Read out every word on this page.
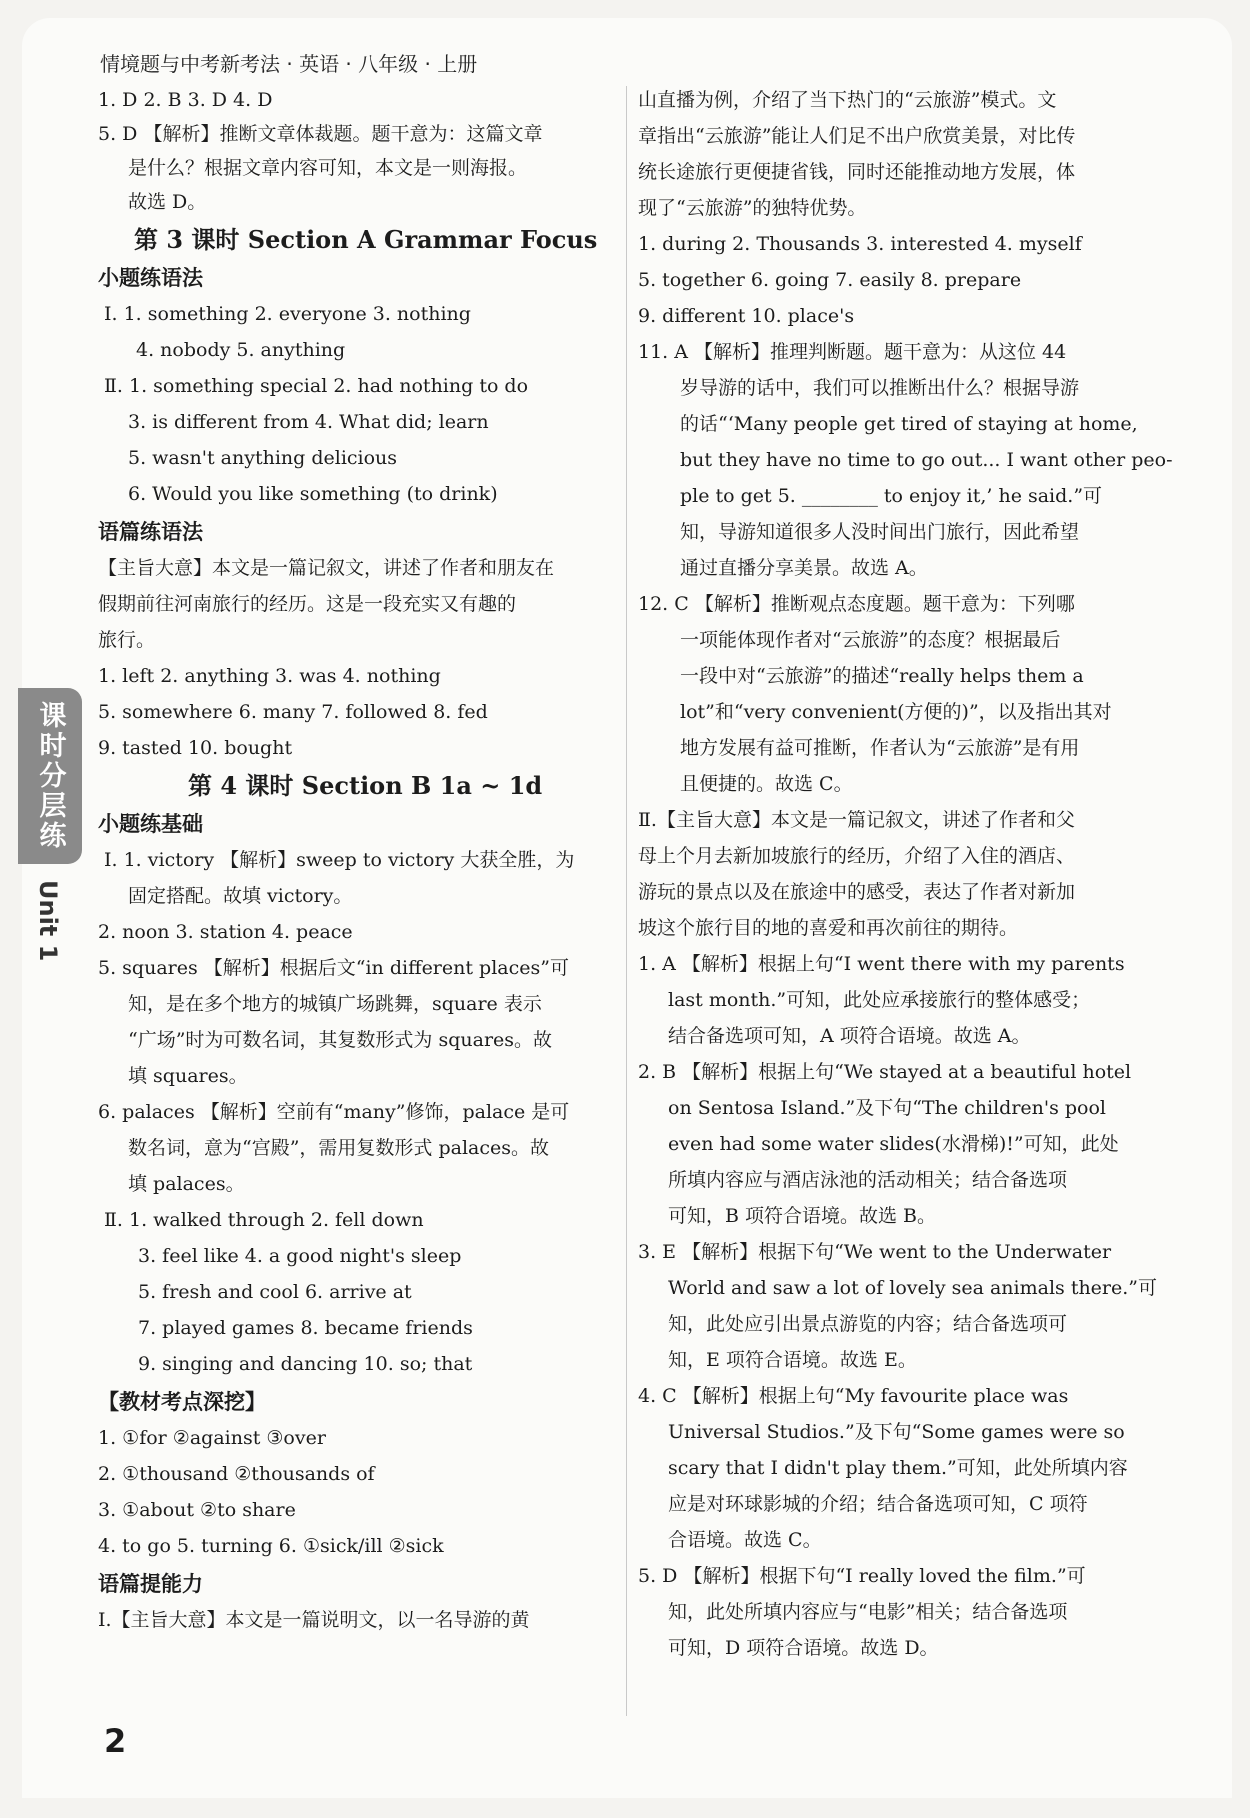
情境题与中考新考法 · 英语 · 八年级 · 上册
课时分层练
Unit 1
1. D 2. B 3. D 4. D
5. D 【解析】推断文章体裁题。题干意为：这篇文章
是什么？根据文章内容可知，本文是一则海报。
故选 D。
第 3 课时 Section A Grammar Focus
小题练语法
Ⅰ. 1. something 2. everyone 3. nothing
4. nobody 5. anything
Ⅱ. 1. something special 2. had nothing to do
3. is different from 4. What did; learn
5. wasn't anything delicious
6. Would you like something (to drink)
语篇练语法
【主旨大意】本文是一篇记叙文，讲述了作者和朋友在
假期前往河南旅行的经历。这是一段充实又有趣的
旅行。
1. left 2. anything 3. was 4. nothing
5. somewhere 6. many 7. followed 8. fed
9. tasted 10. bought
第 4 课时 Section B 1a ~ 1d
小题练基础
Ⅰ. 1. victory 【解析】sweep to victory 大获全胜，为
固定搭配。故填 victory。
2. noon 3. station 4. peace
5. squares 【解析】根据后文“in different places”可
知，是在多个地方的城镇广场跳舞，square 表示
“广场”时为可数名词，其复数形式为 squares。故
填 squares。
6. palaces 【解析】空前有“many”修饰，palace 是可
数名词，意为“宫殿”，需用复数形式 palaces。故
填 palaces。
Ⅱ. 1. walked through 2. fell down
3. feel like 4. a good night's sleep
5. fresh and cool 6. arrive at
7. played games 8. became friends
9. singing and dancing 10. so; that
【教材考点深挖】
1. ①for ②against ③over
2. ①thousand ②thousands of
3. ①about ②to share
4. to go 5. turning 6. ①sick/ill ②sick
语篇提能力
Ⅰ.【主旨大意】本文是一篇说明文，以一名导游的黄
山直播为例，介绍了当下热门的“云旅游”模式。文
章指出“云旅游”能让人们足不出户欣赏美景，对比传
统长途旅行更便捷省钱，同时还能推动地方发展，体
现了“云旅游”的独特优势。
1. during 2. Thousands 3. interested 4. myself
5. together 6. going 7. easily 8. prepare
9. different 10. place's
11. A 【解析】推理判断题。题干意为：从这位 44
岁导游的话中，我们可以推断出什么？根据导游
的话“‘Many people get tired of staying at home,
but they have no time to go out... I want other peo-
ple to get 5. ________ to enjoy it,’ he said.”可
知，导游知道很多人没时间出门旅行，因此希望
通过直播分享美景。故选 A。
12. C 【解析】推断观点态度题。题干意为：下列哪
一项能体现作者对“云旅游”的态度？根据最后
一段中对“云旅游”的描述“really helps them a
lot”和“very convenient(方便的)”，以及指出其对
地方发展有益可推断，作者认为“云旅游”是有用
且便捷的。故选 C。
Ⅱ.【主旨大意】本文是一篇记叙文，讲述了作者和父
母上个月去新加坡旅行的经历，介绍了入住的酒店、
游玩的景点以及在旅途中的感受，表达了作者对新加
坡这个旅行目的地的喜爱和再次前往的期待。
1. A 【解析】根据上句“I went there with my parents
last month.”可知，此处应承接旅行的整体感受；
结合备选项可知，A 项符合语境。故选 A。
2. B 【解析】根据上句“We stayed at a beautiful hotel
on Sentosa Island.”及下句“The children's pool
even had some water slides(水滑梯)!”可知，此处
所填内容应与酒店泳池的活动相关；结合备选项
可知，B 项符合语境。故选 B。
3. E 【解析】根据下句“We went to the Underwater
World and saw a lot of lovely sea animals there.”可
知，此处应引出景点游览的内容；结合备选项可
知，E 项符合语境。故选 E。
4. C 【解析】根据上句“My favourite place was
Universal Studios.”及下句“Some games were so
scary that I didn't play them.”可知，此处所填内容
应是对环球影城的介绍；结合备选项可知，C 项符
合语境。故选 C。
5. D 【解析】根据下句“I really loved the film.”可
知，此处所填内容应与“电影”相关；结合备选项
可知，D 项符合语境。故选 D。
2
